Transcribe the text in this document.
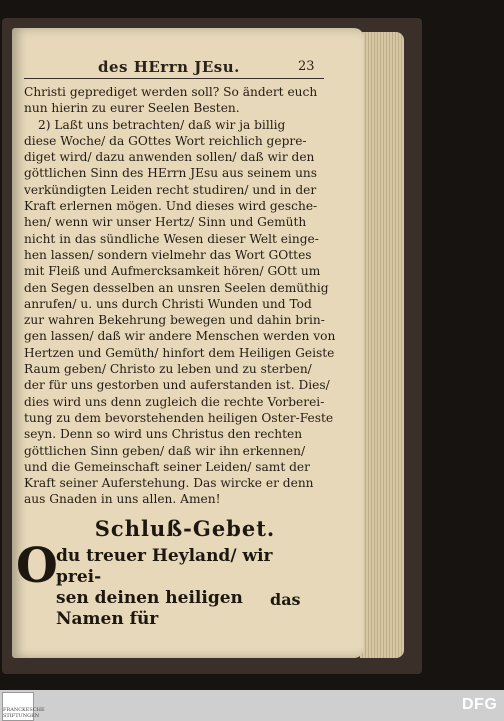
des HErrn JEsu.	23
Christi geprediget werden soll? So ändert euch
nun hierin zu eurer Seelen Besten.
2) Laßt uns betrachten/ daß wir ja billig
diese Woche/ da GOttes Wort reichlich gepre-
diget wird/ dazu anwenden sollen/ daß wir den
göttlichen Sinn des HErrn JEsu aus seinem uns
verkündigten Leiden recht studiren/ und in der
Kraft erlernen mögen. Und dieses wird gesche-
hen/ wenn wir unser Hertz/ Sinn und Gemüth
nicht in das sündliche Wesen dieser Welt einge-
hen lassen/ sondern vielmehr das Wort GOttes
mit Fleiß und Aufmercksamkeit hören/ GOtt um
den Segen desselben an unsren Seelen demüthig
anrufen/ u. uns durch Christi Wunden und Tod
zur wahren Bekehrung bewegen und dahin brin-
gen lassen/ daß wir andere Menschen werden von
Hertzen und Gemüth/ hinfort dem Heiligen Geiste
Raum geben/ Christo zu leben und zu sterben/
der für uns gestorben und auferstanden ist. Dies/
dies wird uns denn zugleich die rechte Vorberei-
tung zu dem bevorstehenden heiligen Oster-Feste
seyn. Denn so wird uns Christus den rechten
göttlichen Sinn geben/ daß wir ihn erkennen/
und die Gemeinschaft seiner Leiden/ samt der
Kraft seiner Auferstehung. Das wircke er denn
aus Gnaden in uns allen. Amen!
Schluß-Gebet.
O
du treuer Heyland/ wir prei-
sen deinen heiligen Namen für
das
FRANCKESCHE STIFTUNGEN
DFG
